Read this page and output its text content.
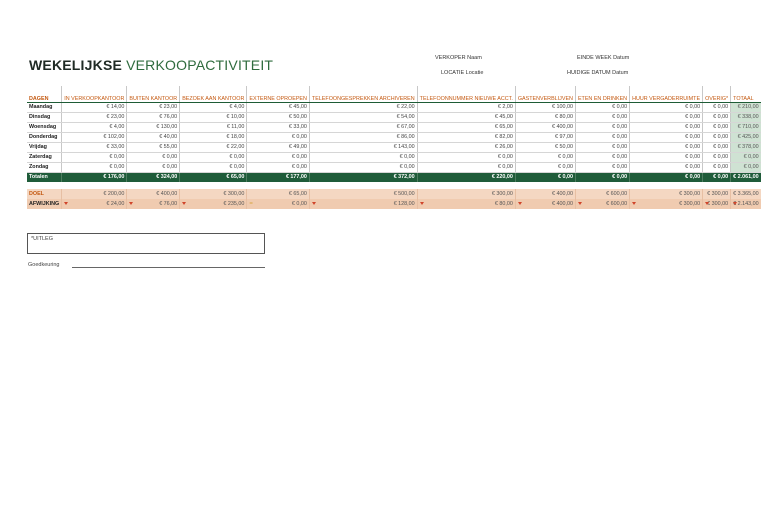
WEKELIJKSE VERKOOPACTIVITEIT	VERKOPER Naam	EINDE WEEK Datum
LOCATIE Locatie	HUIDIGE DATUM Datum
DAGEN	IN VERKOOPKANTOOR	BUITEN KANTOOR	BEZOEK AAN KANTOOR	EXTERNE OPROEPEN	TELEFOONGESPREKKEN ARCHIVEREN	TELEFOONNUMMER NIEUWE ACCT.	GASTENVERBLIJVEN	ETEN EN DRINKEN	HUUR VERGADERRUIMTE	OVERIG*	TOTAAL
Maandag	€ 14,00	€ 23,00	€ 4,00	€ 45,00	€ 22,00	€ 2,00	€ 100,00	€ 0,00	€ 0,00	€ 0,00	€ 210,00
Dinsdag	€ 23,00	€ 76,00	€ 10,00	€ 50,00	€ 54,00	€ 45,00	€ 80,00	€ 0,00	€ 0,00	€ 0,00	€ 338,00
Woensdag	€ 4,00	€ 130,00	€ 11,00	€ 33,00	€ 67,00	€ 65,00	€ 400,00	€ 0,00	€ 0,00	€ 0,00	€ 710,00
Donderdag	€ 102,00	€ 40,00	€ 18,00	€ 0,00	€ 86,00	€ 82,00	€ 97,00	€ 0,00	€ 0,00	€ 0,00	€ 425,00
Vrijdag	€ 33,00	€ 55,00	€ 22,00	€ 49,00	€ 143,00	€ 26,00	€ 50,00	€ 0,00	€ 0,00	€ 0,00	€ 378,00
Zaterdag	€ 0,00	€ 0,00	€ 0,00	€ 0,00	€ 0,00	€ 0,00	€ 0,00	€ 0,00	€ 0,00	€ 0,00	€ 0,00
Zondag	€ 0,00	€ 0,00	€ 0,00	€ 0,00	€ 0,00	€ 0,00	€ 0,00	€ 0,00	€ 0,00	€ 0,00	€ 0,00
Totalen	€ 176,00	€ 324,00	€ 65,00	€ 177,00	€ 372,00	€ 220,00	€ 0,00	€ 0,00	€ 0,00	€ 0,00	€ 2.061,00

DOEL	€ 200,00	€ 400,00	€ 300,00	€ 65,00	€ 500,00	€ 300,00	€ 400,00	€ 600,00	€ 300,00	€ 300,00	€ 3.365,00
AFWIJKING	€ 24,00	€ 76,00	€ 235,00	= € 0,00	€ 128,00	€ 80,00	€ 400,00	€ 600,00	€ 300,00	€ 300,00	€ 2.143,00
*UITLEG
Goedkeuring
